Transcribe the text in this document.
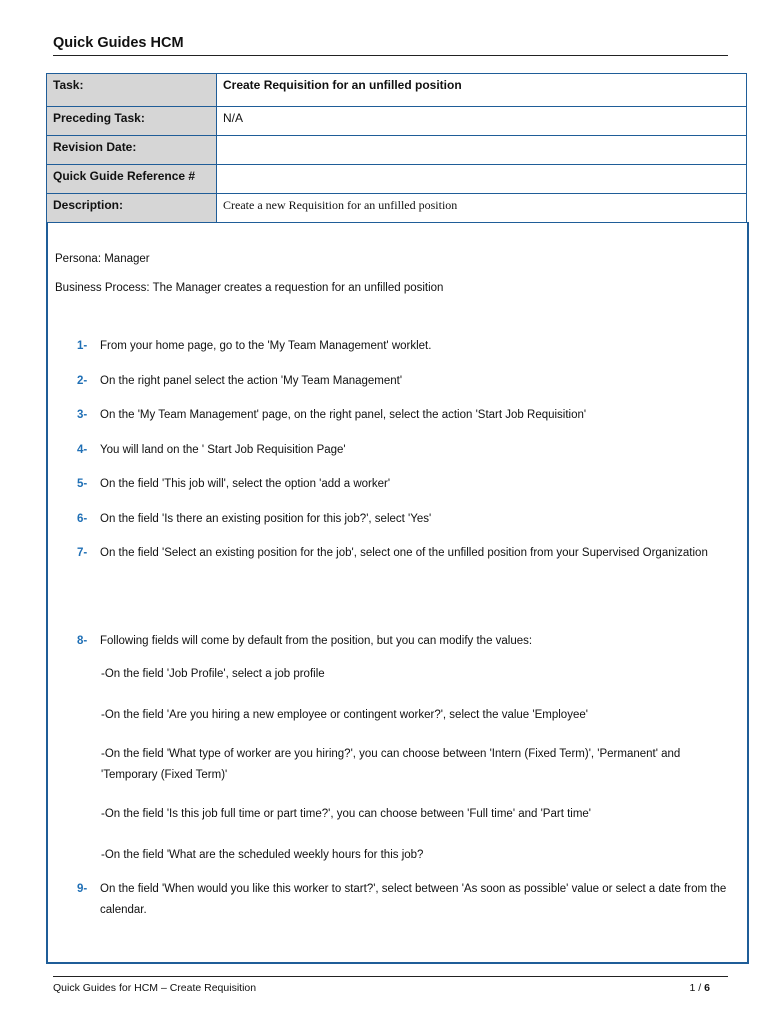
Quick Guides HCM
Task:	Create Requisition for an unfilled position
Preceding Task:	N/A
Revision Date:	
Quick Guide Reference #	
Description:	Create a new Requisition for an unfilled position
Persona: Manager
Business Process: The Manager creates a requestion for an unfilled position
1-	From your home page, go to the 'My Team Management' worklet.
2-	On the right panel select the action 'My Team Management'
3-	On the 'My Team Management' page, on the right panel, select the action 'Start Job Requisition'
4-	You will land on the ' Start Job Requisition Page'
5-	On the field 'This job will', select the option 'add a worker'
6-	On the field 'Is there an existing position for this job?', select 'Yes'
7-	On the field 'Select an existing position for the job', select one of the unfilled position from your Supervised Organization
8-	Following fields will come by default from the position, but you can modify the values:
-On the field 'Job Profile', select a job profile
-On the field 'Are you hiring a new employee or contingent worker?', select the value 'Employee'
-On the field 'What type of worker are you hiring?', you can choose between 'Intern (Fixed Term)', 'Permanent' and 'Temporary (Fixed Term)'
-On the field 'Is this job full time or part time?', you can choose between 'Full time' and 'Part time'
-On the field 'What are the scheduled weekly hours for this job?
9-	On the field 'When would you like this worker to start?', select between 'As soon as possible' value or select a date from the calendar.
Quick Guides for HCM – Create Requisition	1 / 6
